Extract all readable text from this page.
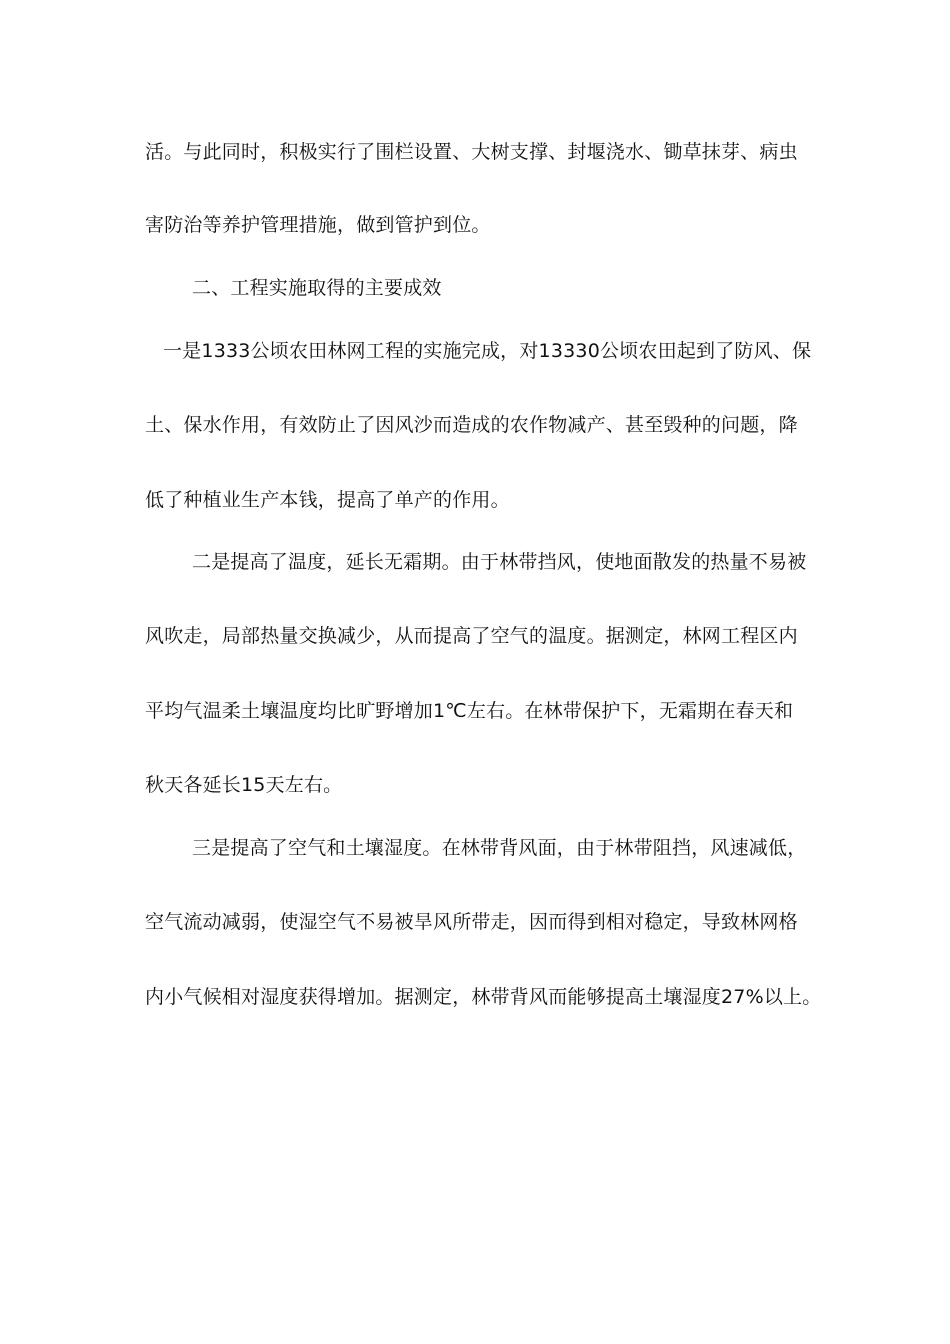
活。与此同时，积极实行了围栏设置、大树支撑、封堰浇水、锄草抹芽、病虫
害防治等养护管理措施，做到管护到位。
二、工程实施取得的主要成效
一是1333公顷农田林网工程的实施完成，对13330公顷农田起到了防风、保
土、保水作用，有效防止了因风沙而造成的农作物减产、甚至毁种的问题，降
低了种植业生产本钱，提高了单产的作用。
二是提高了温度，延长无霜期。由于林带挡风，使地面散发的热量不易被
风吹走，局部热量交换减少，从而提高了空气的温度。据测定，林网工程区内
平均气温柔土壤温度均比旷野增加1℃左右。在林带保护下，无霜期在春天和
秋天各延长15天左右。
三是提高了空气和土壤湿度。在林带背风面，由于林带阻挡，风速减低，
空气流动减弱，使湿空气不易被旱风所带走，因而得到相对稳定，导致林网格
内小气候相对湿度获得增加。据测定，林带背风而能够提高土壤湿度27%以上。
